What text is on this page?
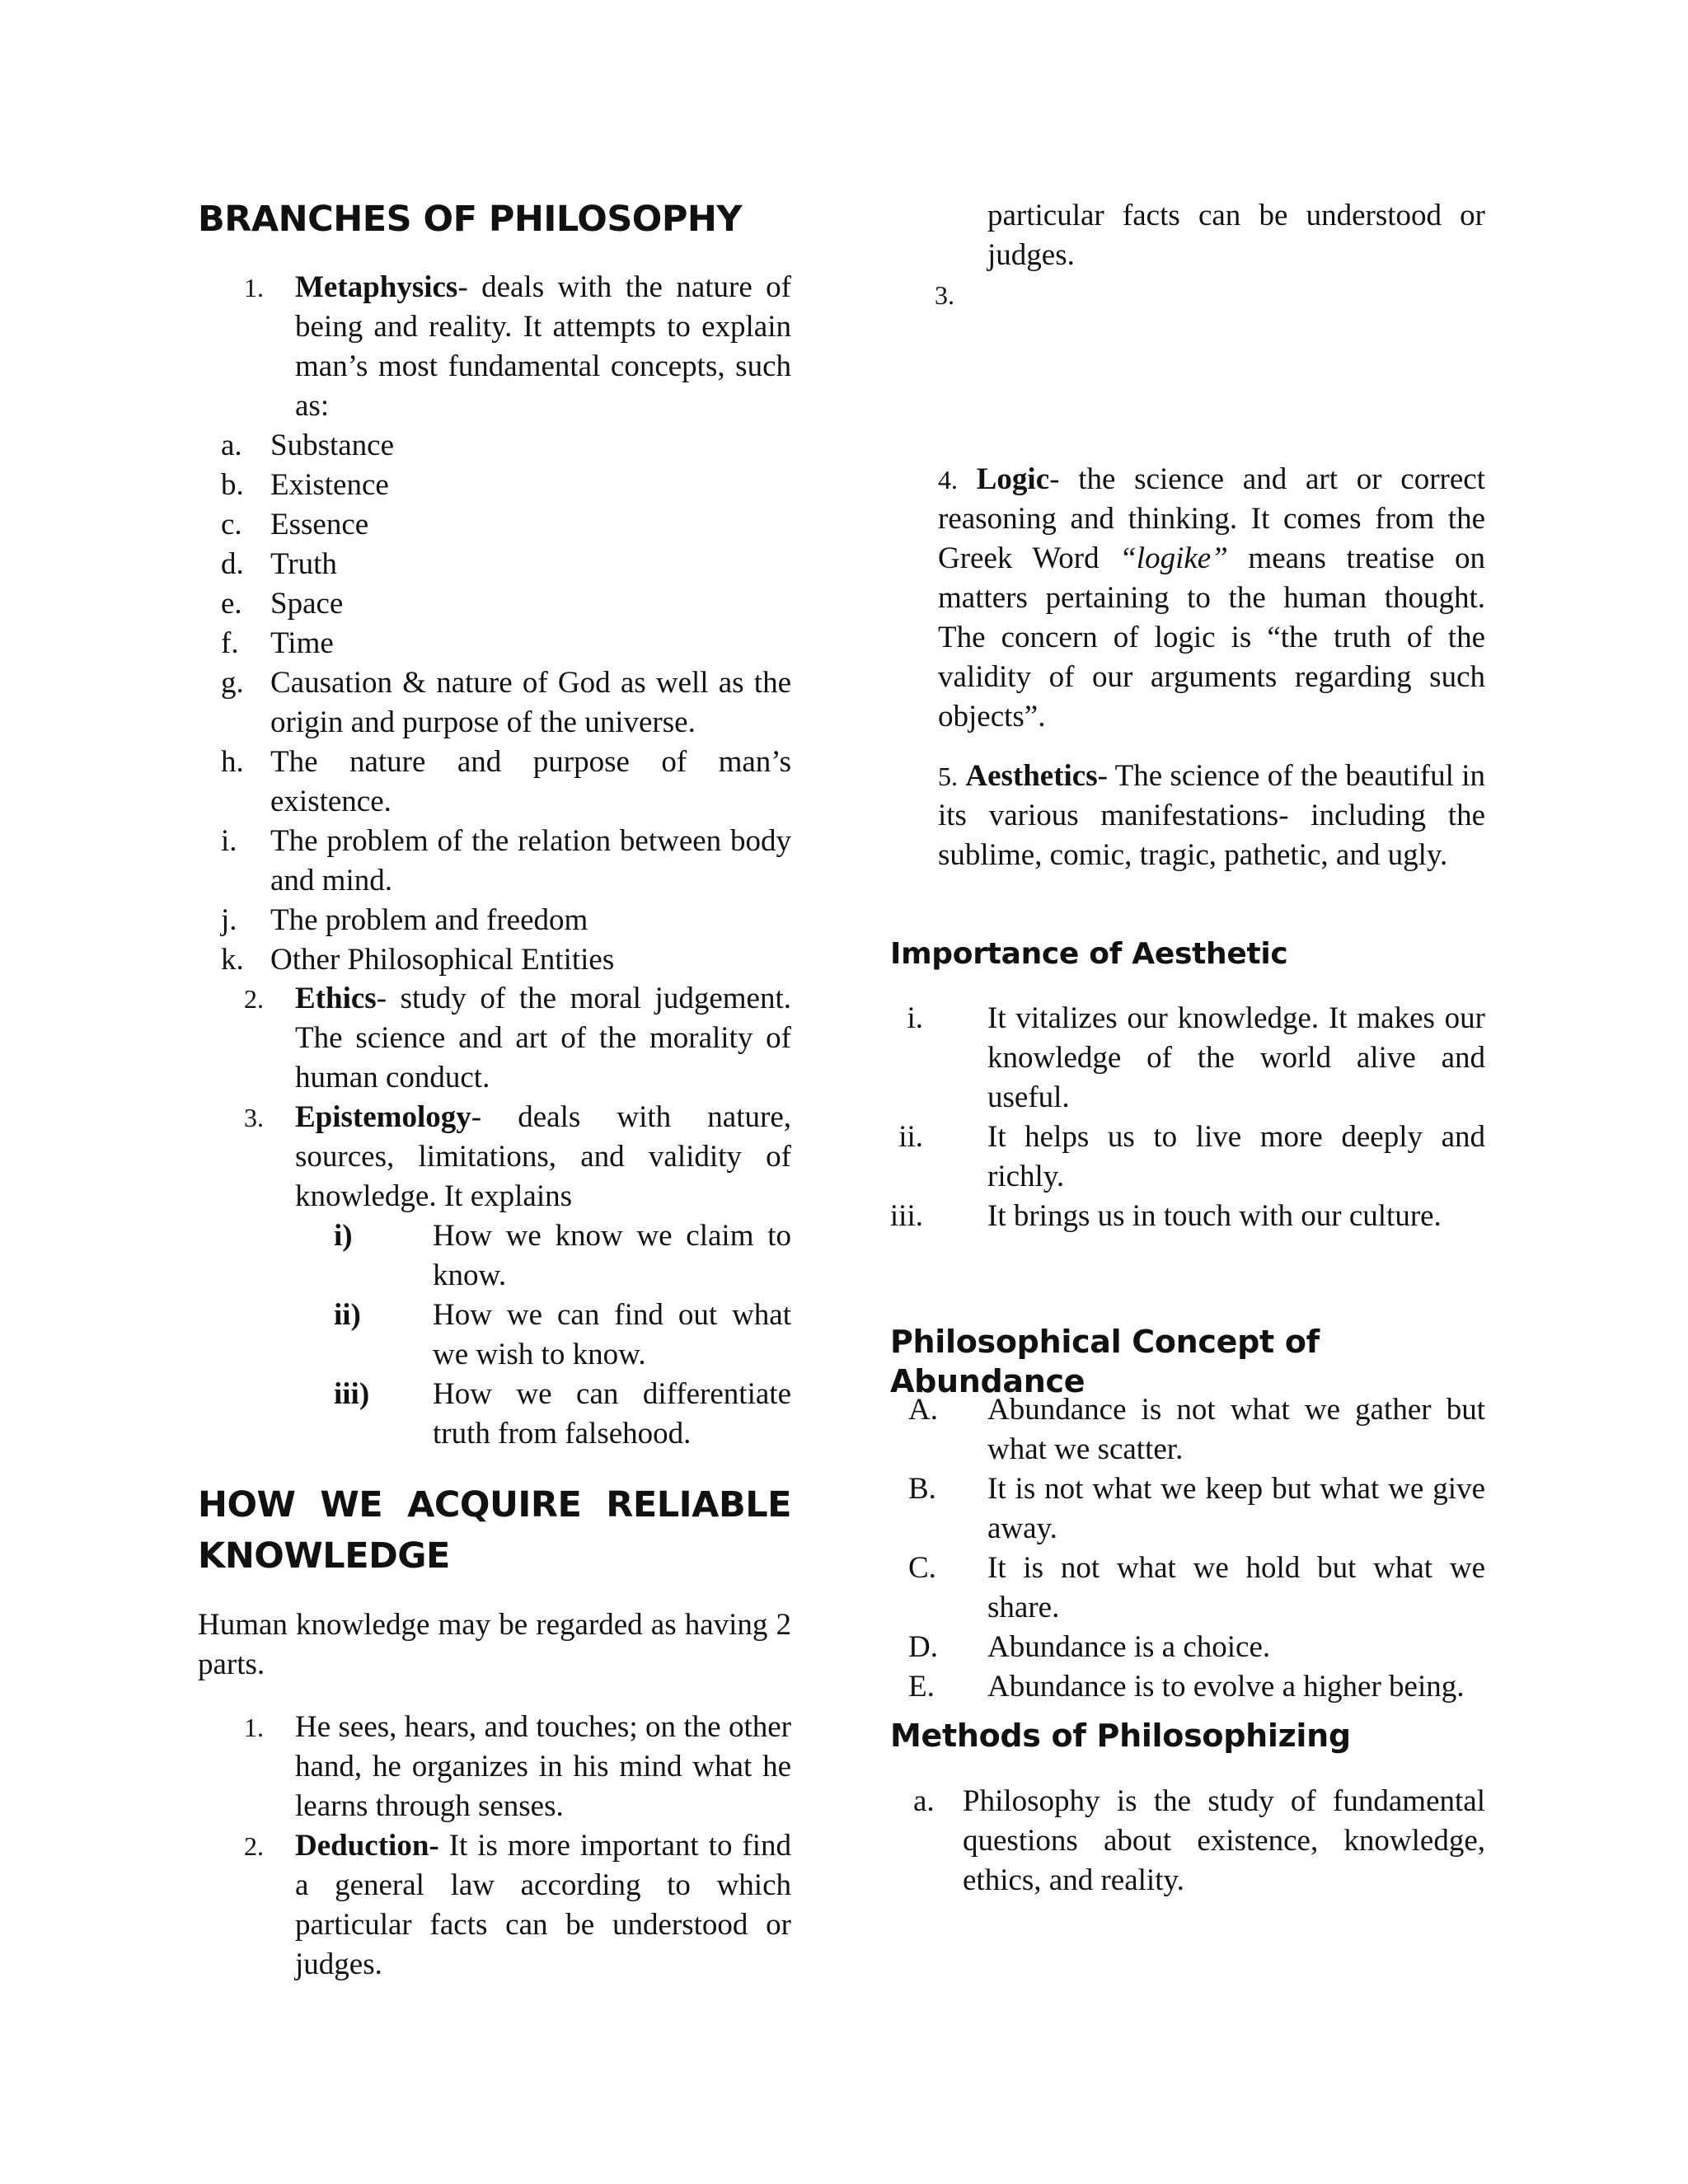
BRANCHES OF PHILOSOPHY
1. Metaphysics- deals with the nature of being and reality. It attempts to explain man’s most fundamental concepts, such as:

a. Substance
b. Existence
c. Essence
d. Truth
e. Space
f. Time
g. Causation & nature of God as well as the origin and purpose of the universe.
h. The nature and purpose of man’s existence.
i. The problem of the relation between body and mind.
j. The problem and freedom
k. Other Philosophical Entities
2. Ethics- study of the moral judgement. The science and art of the morality of human conduct.

3. Epistemology- deals with nature, sources, limitations, and validity of knowledge. It explains

i)	How we know we claim to know.
ii) How we can find out what we wish to know.
iii) How we can differentiate truth from falsehood.
HOW WE ACQUIRE RELIABLE
KNOWLEDGE

Human knowledge may be regarded as having 2 parts.

1. He sees, hears, and touches; on the other hand, he organizes in his mind what he learns through senses.
2. Deduction- It is more important to find a general law according to which particular facts can be understood or judges.

particular facts can be understood or

judges.

3.

4. Logic- the science and art or correct reasoning and thinking. It comes from the Greek Word “logike” means treatise on matters pertaining to the human thought. The concern of logic is “the truth of the validity of our arguments regarding such objects”.

5. Aesthetics- The science of the beautiful in its various manifestations- including the sublime, comic, tragic, pathetic, and ugly.

Importance of Aesthetic
i. It vitalizes our knowledge. It makes our knowledge of the world alive and useful.
ii. It helps us to live more deeply and richly.
iii. It brings us in touch with our culture.
Philosophical Concept of Abundance
A. Abundance is not what we gather but what we scatter.
B. It is not what we keep but what we give away.
C. It is not what we hold but what we share.
D. Abundance is a choice.
E. Abundance is to evolve a higher being.
Methods of Philosophizing
a. Philosophy is the study of fundamental questions about existence, knowledge, ethics, and reality.
